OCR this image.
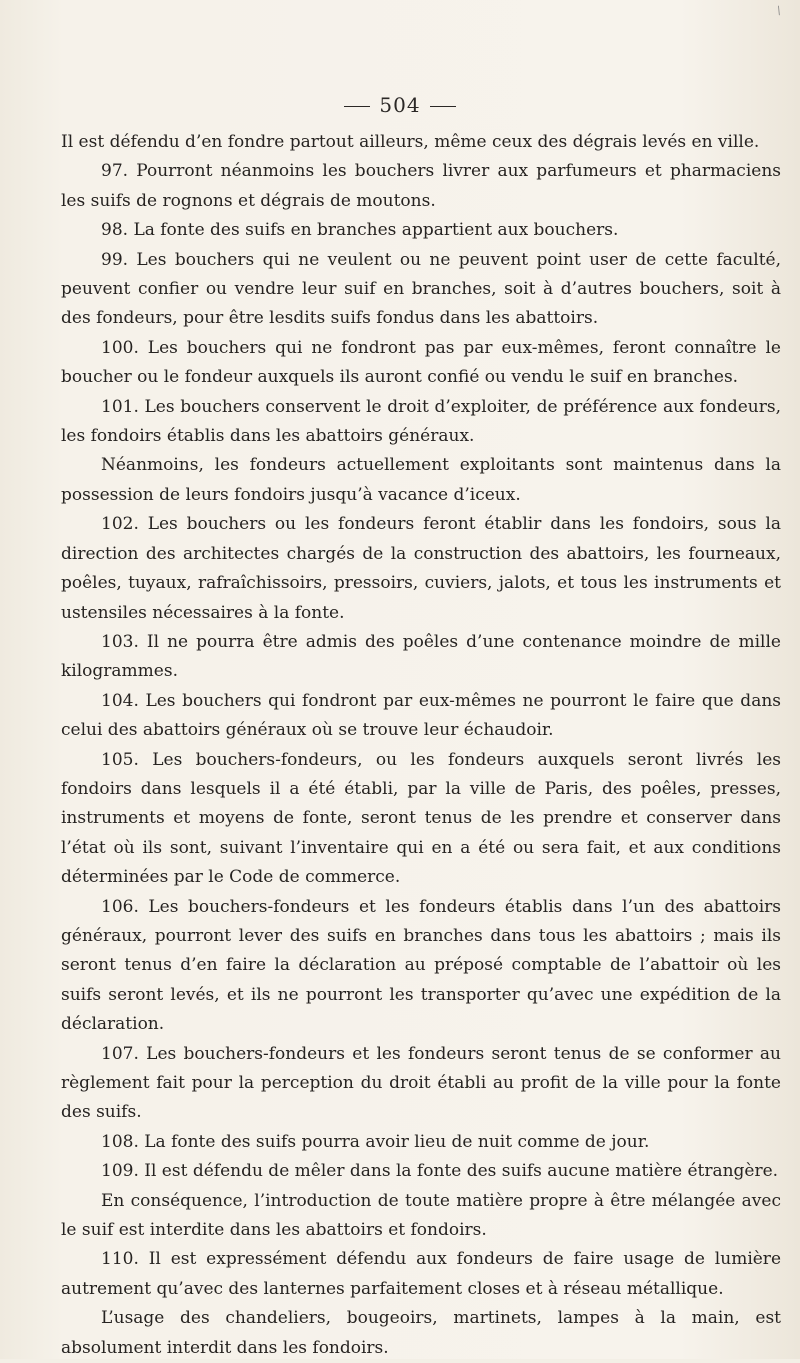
\
504

Il est défendu d’en fondre partout ailleurs, même ceux des dégrais levés en ville.

97. Pourront néanmoins les bouchers livrer aux parfumeurs et pharmaciens les suifs de rognons et dégrais de moutons.

98. La fonte des suifs en branches appartient aux bouchers.

99. Les bouchers qui ne veulent ou ne peuvent point user de cette faculté, peuvent confier ou vendre leur suif en branches, soit à d’autres bouchers, soit à des fondeurs, pour être lesdits suifs fondus dans les abattoirs.

100. Les bouchers qui ne fondront pas par eux-mêmes, feront connaître le boucher ou le fondeur auxquels ils auront confié ou vendu le suif en branches.

101. Les bouchers conservent le droit d’exploiter, de préférence aux fondeurs, les fondoirs établis dans les abattoirs généraux.

Néanmoins, les fondeurs actuellement exploitants sont maintenus dans la possession de leurs fondoirs jusqu’à vacance d’iceux.

102. Les bouchers ou les fondeurs feront établir dans les fondoirs, sous la direction des architectes chargés de la construction des abattoirs, les fourneaux, poêles, tuyaux, rafraîchissoirs, pressoirs, cuviers, jalots, et tous les instruments et ustensiles nécessaires à la fonte.

103. Il ne pourra être admis des poêles d’une contenance moindre de mille kilogrammes.

104. Les bouchers qui fondront par eux-mêmes ne pourront le faire que dans celui des abattoirs généraux où se trouve leur échaudoir.

105. Les bouchers-fondeurs, ou les fondeurs auxquels seront livrés les fondoirs dans lesquels il a été établi, par la ville de Paris, des poêles, presses, instruments et moyens de fonte, seront tenus de les prendre et conserver dans l’état où ils sont, suivant l’inventaire qui en a été ou sera fait, et aux conditions déterminées par le Code de commerce.

106. Les bouchers-fondeurs et les fondeurs établis dans l’un des abattoirs généraux, pourront lever des suifs en branches dans tous les abattoirs ; mais ils seront tenus d’en faire la déclaration au préposé comptable de l’abattoir où les suifs seront levés, et ils ne pourront les transporter qu’avec une expédition de la déclaration.

107. Les bouchers-fondeurs et les fondeurs seront tenus de se conformer au règlement fait pour la perception du droit établi au profit de la ville pour la fonte des suifs.

108. La fonte des suifs pourra avoir lieu de nuit comme de jour.

109. Il est défendu de mêler dans la fonte des suifs aucune matière étrangère.

En conséquence, l’introduction de toute matière propre à être mélangée avec le suif est interdite dans les abattoirs et fondoirs.

110. Il est expressément défendu aux fondeurs de faire usage de lumière autrement qu’avec des lanternes parfaitement closes et à réseau métallique.

L’usage des chandeliers, bougeoirs, martinets, lampes à la main, est absolument interdit dans les fondoirs.
